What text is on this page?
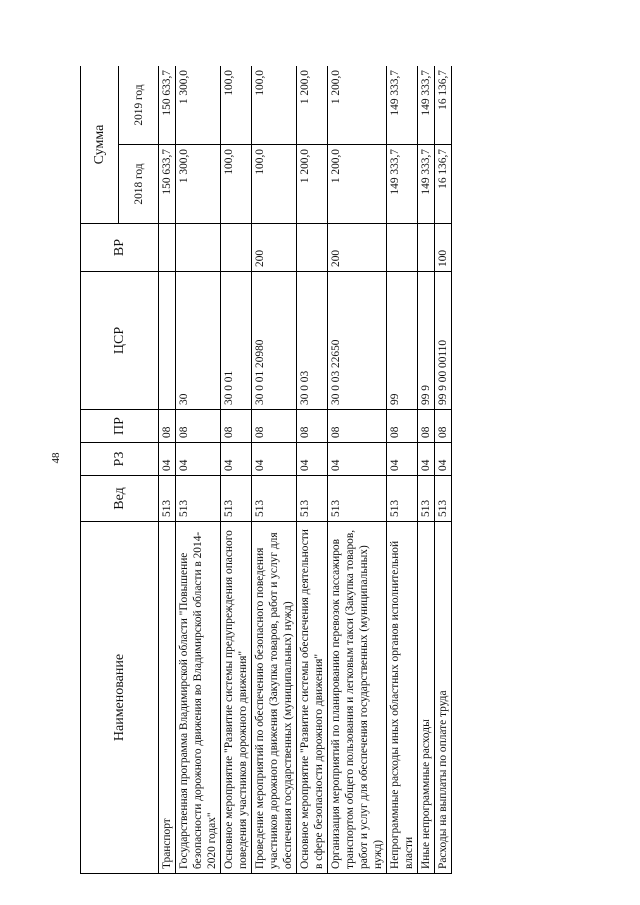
48
Наименование	Вед	РЗ	ПР	ЦСР	ВР	Сумма	
						2018 год	2019 год
Транспорт	513	04	08			150 633,7	150 633,7
Государственная программа Владимирской области "Повышение безопасности дорожного движения во Владимирской области в 2014-2020 годах"	513	04	08	30		1 300,0	1 300,0
Основное мероприятие "Развитие системы предупреждения опасного поведения участников дорожного движения"	513	04	08	30 0 01		100,0	100,0
Проведение мероприятий по обеспечению безопасного поведения участников дорожного движения (Закупка товаров, работ и услуг для обеспечения государственных (муниципальных) нужд)	513	04	08	30 0 01 20980	200	100,0	100,0
Основное мероприятие "Развитие системы обеспечения деятельности в сфере безопасности дорожного движения"	513	04	08	30 0 03		1 200,0	1 200,0
Организация мероприятий по планированию перевозок пассажиров транспортом общего пользования и легковым такси (Закупка товаров, работ и услуг для обеспечения государственных (муниципальных) нужд)	513	04	08	30 0 03 22650	200	1 200,0	1 200,0
Непрограммные расходы иных областных органов исполнительной власти	513	04	08	99		149 333,7	149 333,7
Иные непрограммные расходы	513	04	08	99 9		149 333,7	149 333,7
Расходы на выплаты по оплате труда	513	04	08	99 9 00 00110	100	16 136,7	16 136,7
